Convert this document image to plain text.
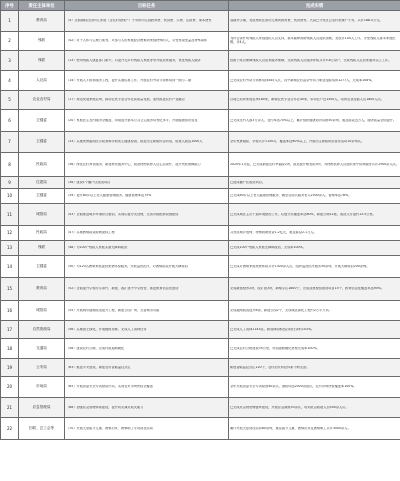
序号	责任主体单位	目标任务	完成实绩
1	教育局	（4）全面减轻在园幼儿家庭（含农村低保户）子女的幼儿园教育费、伙食费、学费、住宿费、课本费等	春期开学期，发放免收在园幼儿保育教育费、伙食费等，大局已分发区总农村低保户子女，共计188.5万元。

2	残联	（42）对于人体与生理方面等，对参与人的家庭经济困难到家庭特殊的人，享受有限受益及特殊群体	为符合条件的残疾人家庭提供人员支持，基本能够帮助残疾人员提供资助，发放计104人工作，享受残疾人基本家庭医保，计4人。

3	残联	（13）使用残疾人康复部门新兴，对提升无乡村残疾人家庭等等开展居家服务，优化残疾人服务	按照于成功保障残疾人员居家服务保障，完成残疾人员服务补贴共计5.8万余户，完成残疾人员居家服务以上工作。

4	人社局	（14）开展人才推荐服务工程，提升实施招募工作，开展农村劳动力转移培训一期与二期	已完成农村劳动力转移培训445人次，其中新增农村富余劳动力职业技能培训1277人，完成率108%。

5	农业农村局	（17）规范发展家庭农场，推动农民专业合作社高质量发展，加快推进农村产业融合	目前已培育家庭农场180家，新增农民专业合作社40家，带动农户近1500人，培训农业技能人员1800人次。

6	卫健委	（20）家庭医生签约服务全覆盖，持续提升基本公共卫生服务均等化水平，开展健康知识普及	已完成签约人数3万余人，签约率达70%以上，累计组织健康知识讲座50余场，惠及群众近万人，服务质量全面提升。

7	卫健委	（33）实施免费婚前医学检查和孕前优生健康检查，推进出生缺陷综合防治，检查人数达1000人	全年免费婚检、孕检共计1150对，覆盖率达90%以上，开展出生缺陷防治宣传活动10余场次。

8	民政局	（36）深化农村养老服务，新建养老服务中心，改善特困供养人员生活条件，提升兜底保障能力	2020年1月起，已完成新建农村幸福院2所，改造提升敬老院3所，为特困供养人员提供集中供养服务共计2500余人次。

9	住建局	（38）建设1个棚户区改造项目	已建成棚户区改造项目。

10	卫健委	（39）提升80岁以上老人健康管理服务，健康管理率达75%	已完成80岁以上老人健康管理服务，截至目前共服务老人2500余人，管理率达78%。

11	城管局	（43）全面推进城乡环境综合整治，实现垃圾分类处理，完善市政配套设施建设	已完成城区主次干道环境整治工作，垃圾分类覆盖率达60%，新建公厕12座，改造人行道约13.5公里。

12	民政局	（47）实施困难群众救助提标工程	共发放城乡低保、特困救助资金1.2亿元，惠及群众2.1万人。

13	残联	（48）为100户残疾人家庭实施无障碍改造	已完成100户残疾人家庭无障碍改造，完成率100%。

14	卫健委	（50）为120名困难家庭提供免费体检服务，开展巡回医疗，对困难群众开展大病救治	已完成对困难家庭免费体检共计1300余人次，组织巡回医疗服务30余场，开展大病救治200余例。

15	教育局	（52）全面提升学校办学条件，新建、改扩建中小学校舍，推进教育信息化建设	完成新建校舍2所，改扩建3所，新增学位1800个，完成智慧校园建设项目15个，教育信息化覆盖率达95%。

16	城管局	（55）开展城市道路改造提升工程，新建公园广场，完善城市功能	完成道路改造提升8条，新建公园2个，完成城区绿化工程约2万平方米。

17	自然资源局	（56）实施国土绿化，开展植树造林，完成人工造林任务	已完成人工造林1143亩，新造林面积达目标任务的103%。

18	交通局	（58）建设农村公路，完成村组道路硬化	已完成农村公路建设35公里，村组道路硬化里程完成率100%。

19	公安局	（63）推进平安建设，新建农村智能监控点位	新建智能监控点位120个，农村治安防控体系不断完善。

20	市场局	（65）开展食品安全专项整治行动，实现农贸市场快检全覆盖	全年开展食品安全专项检查40余次，抽检样品2000余批次，农贸市场快检覆盖率100%。

21	应急管理局	（68）加强应急管理体系建设，提升防灾减灾救灾能力	已完成应急物资储备库建设，开展应急演练30余次，培训应急救援人员500余人次。

22	妇联、总工会等	（70）开展关爱留守儿童、困难妇女、困难职工专项帮扶活动	累计开展关爱帮扶活动80余场，惠及留守儿童、困难妇女及困难职工共计3000余人。
